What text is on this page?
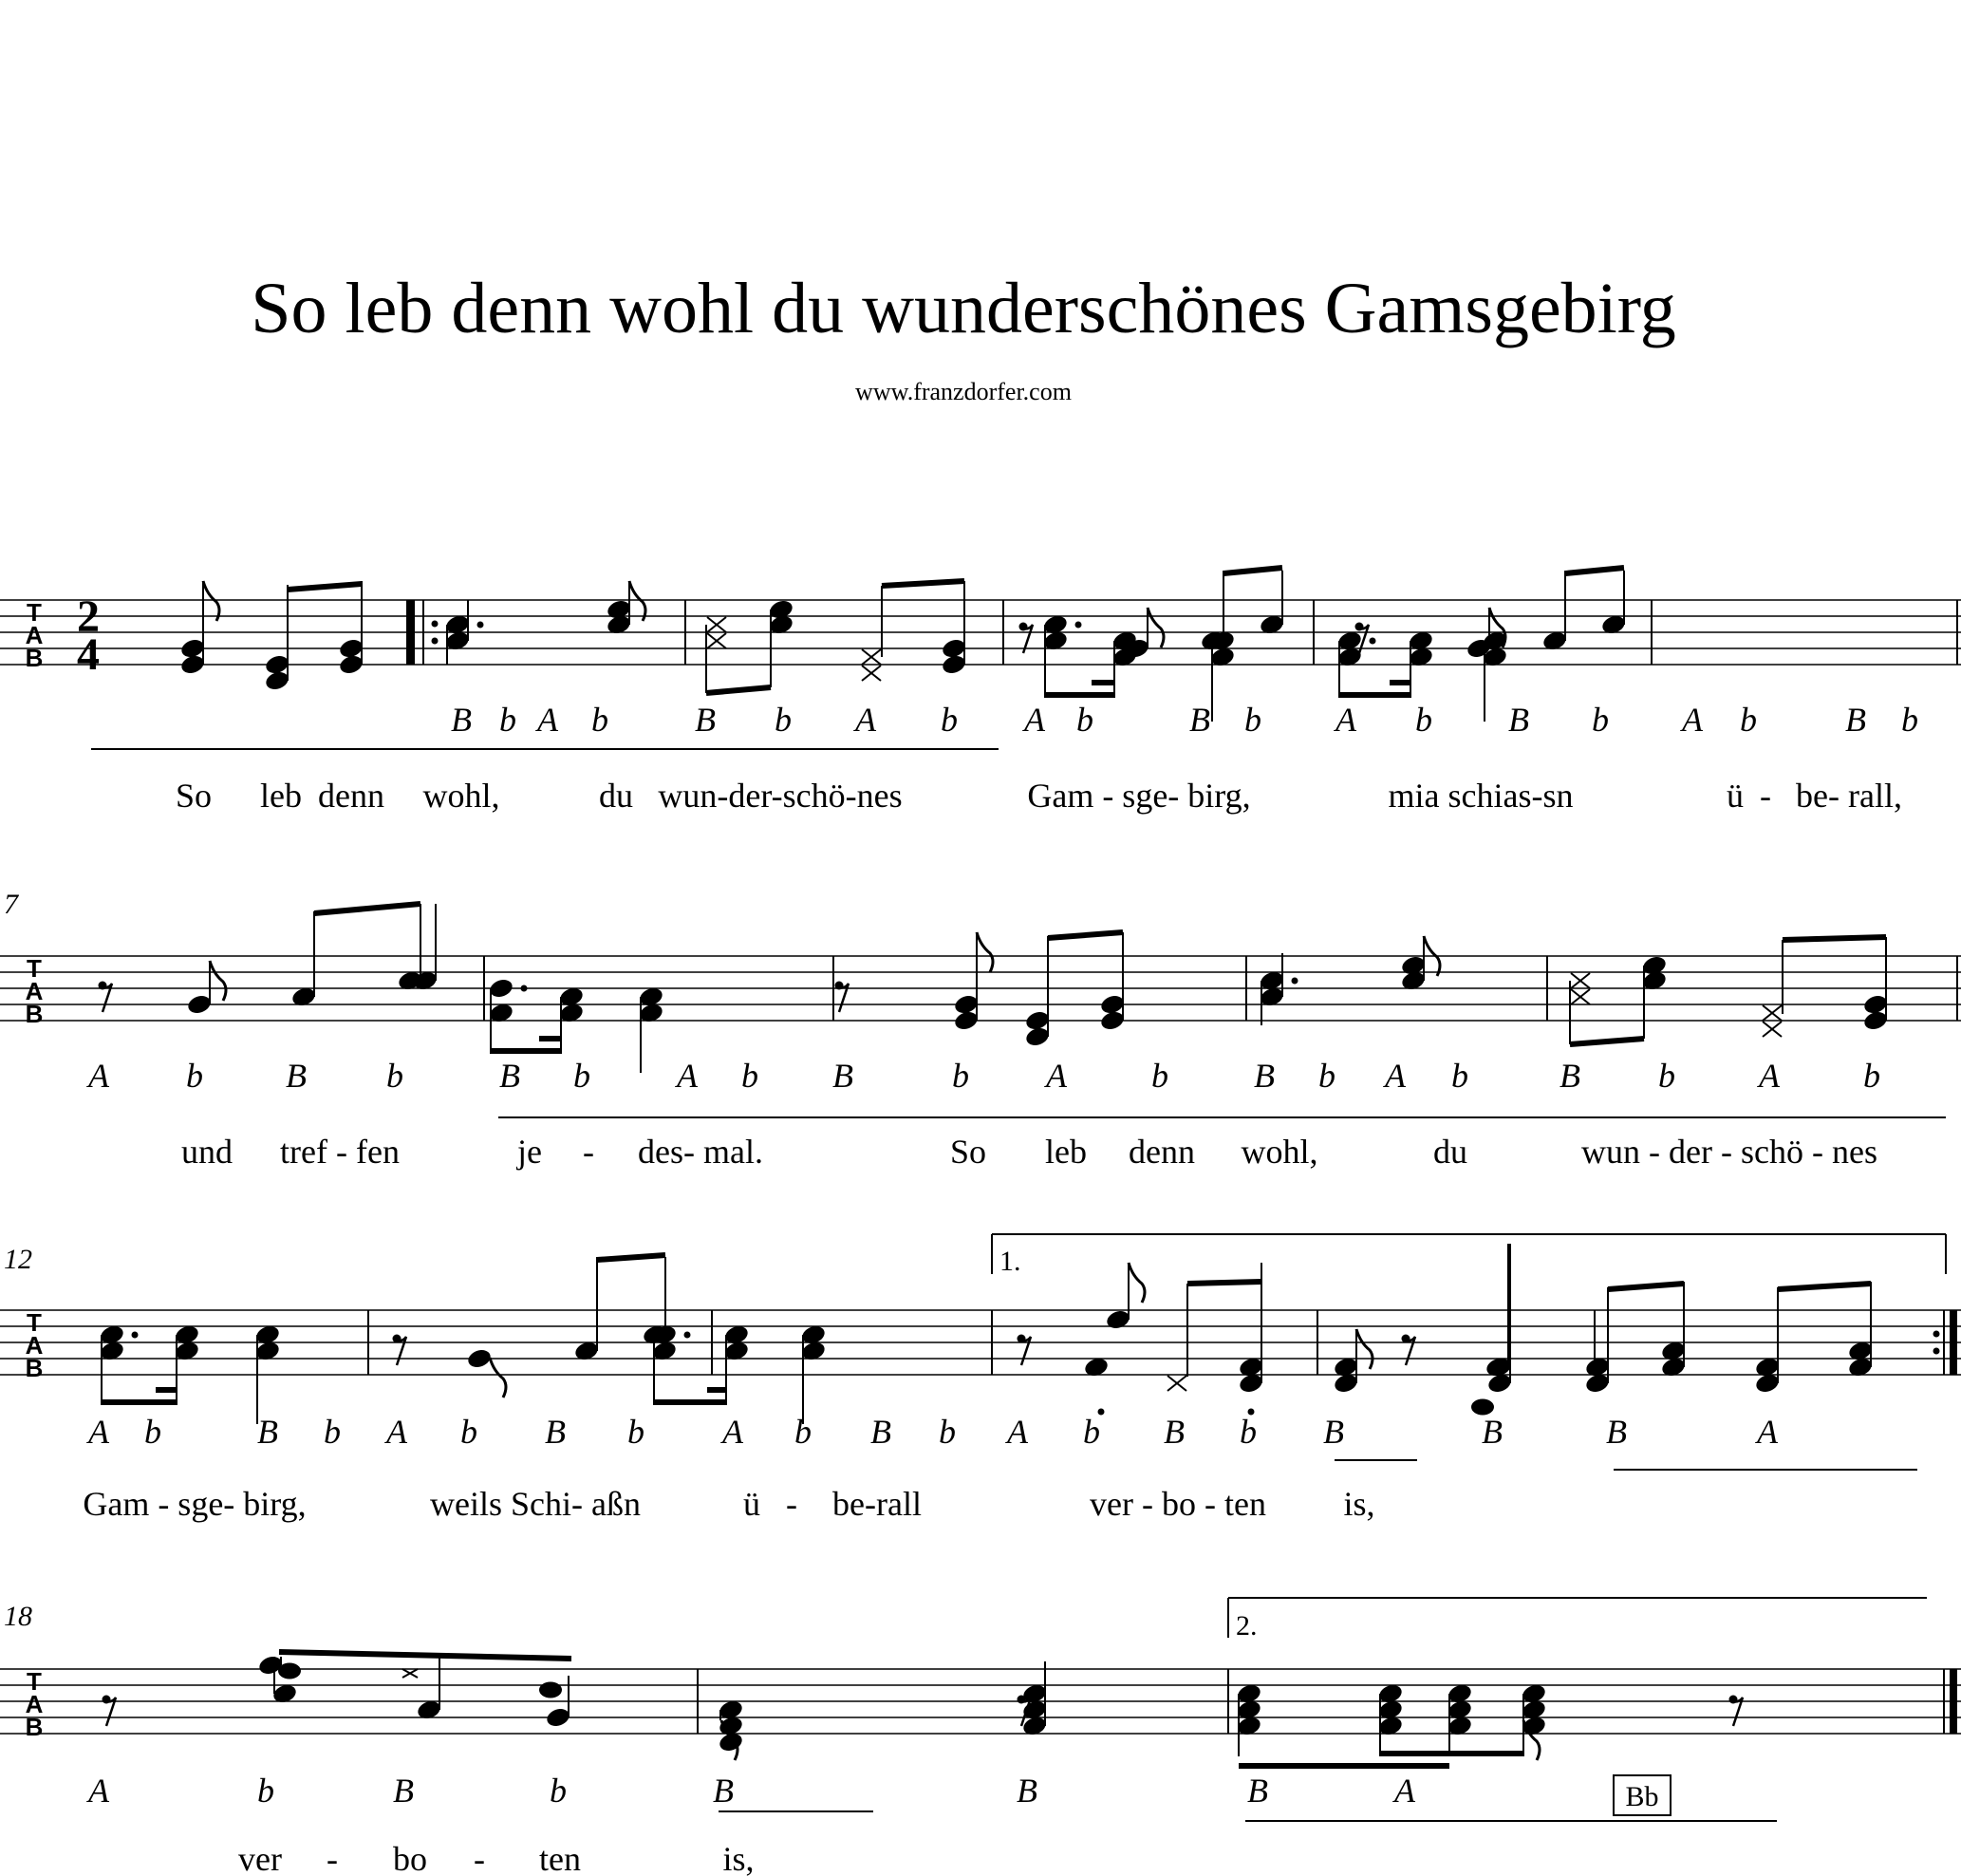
So leb denn wohl du wunderschönes Gamsgebirg
www.franzdorfer.com
T
A
B
T
A
B
T
A
B
T
A
B
2
4
7
12
18
1.
2.
B b A b	B b A b A b	B b A b B b A b	B b
A b B b	B b	A b B	b A b	B b A b	B b A b
A b	B b A b B b A b B b A b B b B	B	B	A
A	b	B	b	B	B	B	A	Bb
So leb denn wohl,	du wun-der-schö-nes	Gam - sge- birg,	mia schias-sn	ü - be- rall,
und tref - fen	je - des- mal.	So leb denn wohl,	du	wun - der - schö - nes
Gam - sge- birg,	weils Schi- aßn	ü - be-rall	ver - bo - ten is,
ver - bo - ten	is,
